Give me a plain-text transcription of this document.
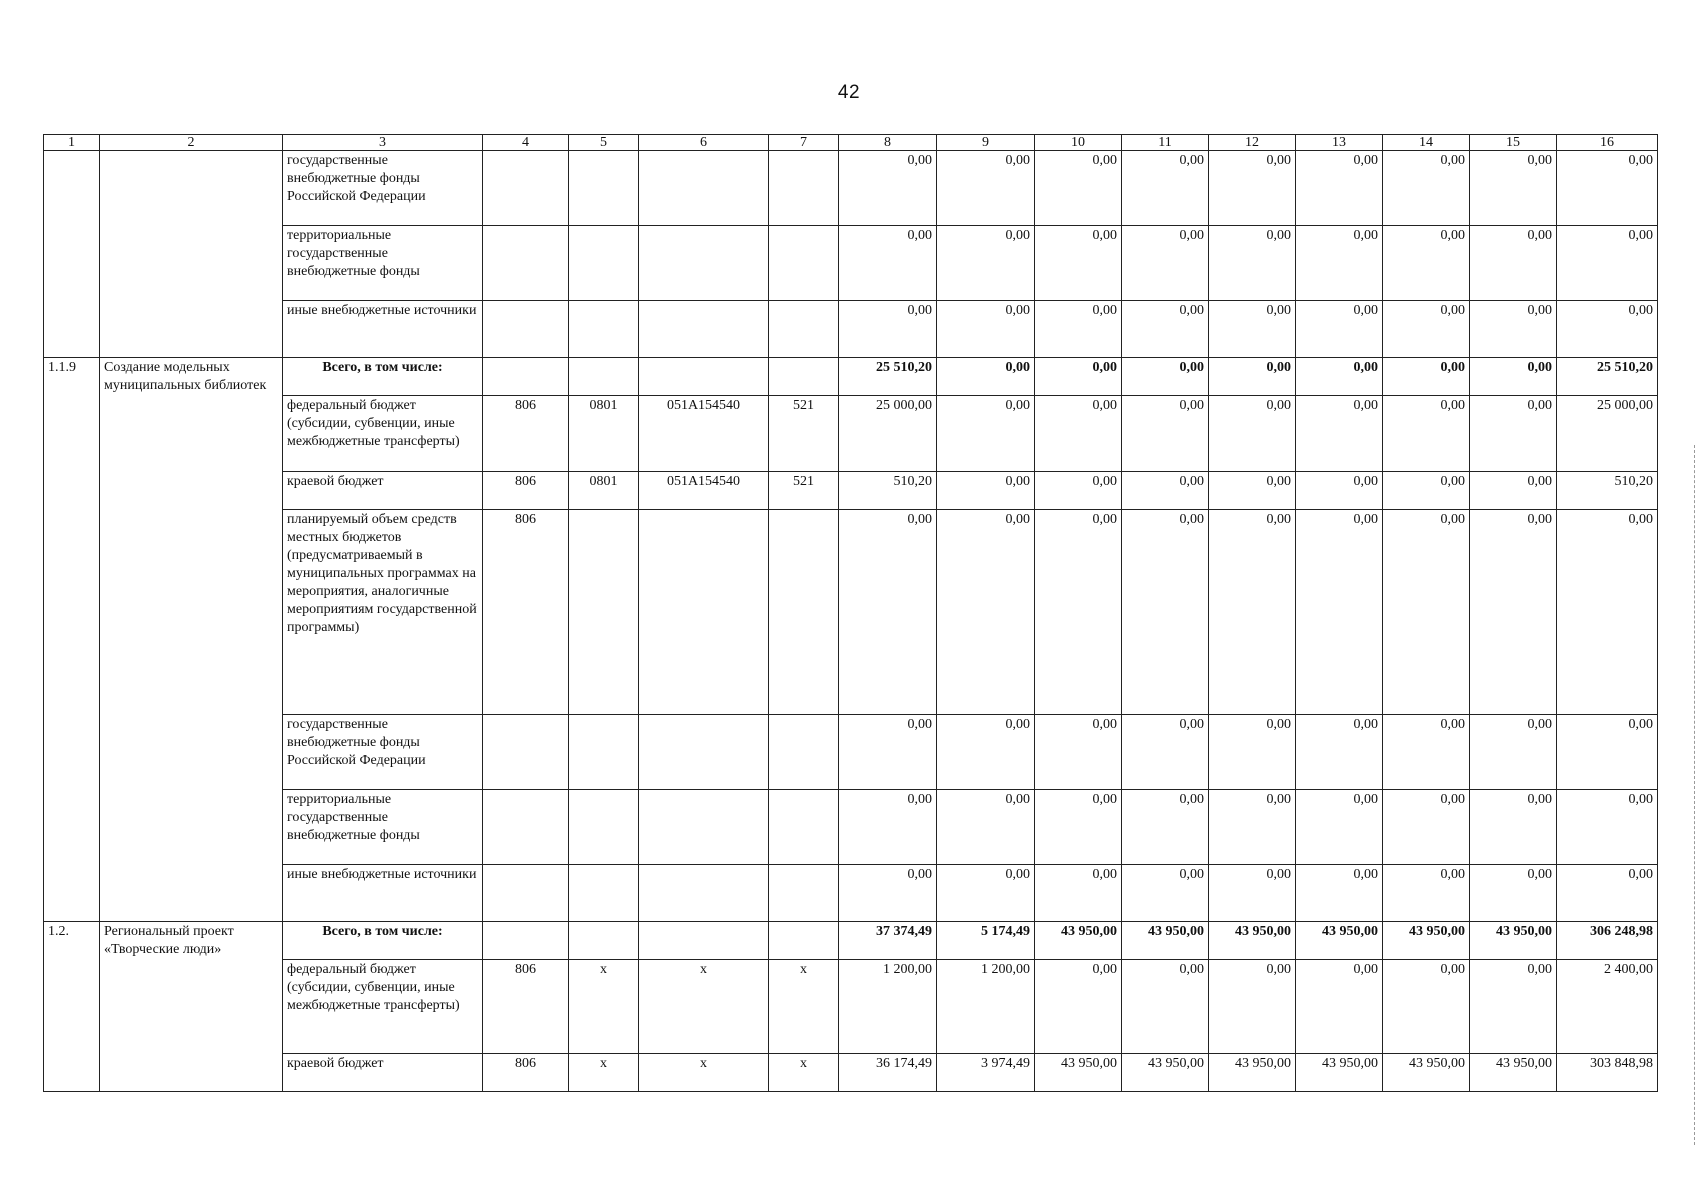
42
1	2	3	4	5	6	7	8	9	10	11	12	13	14	15	16
		государственные внебюджетные фонды Российской Федерации					0,00	0,00	0,00	0,00	0,00	0,00	0,00	0,00	0,00
		территориальные государственные внебюджетные фонды					0,00	0,00	0,00	0,00	0,00	0,00	0,00	0,00	0,00
		иные внебюджетные источники					0,00	0,00	0,00	0,00	0,00	0,00	0,00	0,00	0,00
1.1.9	Создание модельных муниципальных библиотек	Всего, в том числе:					25 510,20	0,00	0,00	0,00	0,00	0,00	0,00	0,00	25 510,20
		федеральный бюджет (субсидии, субвенции, иные межбюджетные трансферты)	806	0801	051A154540	521	25 000,00	0,00	0,00	0,00	0,00	0,00	0,00	0,00	25 000,00
		краевой бюджет	806	0801	051A154540	521	510,20	0,00	0,00	0,00	0,00	0,00	0,00	0,00	510,20
		планируемый объем средств местных бюджетов (предусматриваемый в муниципальных программах на мероприятия, аналогичные мероприятиям государственной программы)	806				0,00	0,00	0,00	0,00	0,00	0,00	0,00	0,00	0,00
		государственные внебюджетные фонды Российской Федерации					0,00	0,00	0,00	0,00	0,00	0,00	0,00	0,00	0,00
		территориальные государственные внебюджетные фонды					0,00	0,00	0,00	0,00	0,00	0,00	0,00	0,00	0,00
		иные внебюджетные источники					0,00	0,00	0,00	0,00	0,00	0,00	0,00	0,00	0,00
1.2.	Региональный проект «Творческие люди»	Всего, в том числе:					37 374,49	5 174,49	43 950,00	43 950,00	43 950,00	43 950,00	43 950,00	43 950,00	306 248,98
		федеральный бюджет (субсидии, субвенции, иные межбюджетные трансферты)	806	x	x	x	1 200,00	1 200,00	0,00	0,00	0,00	0,00	0,00	0,00	2 400,00
		краевой бюджет	806	x	x	x	36 174,49	3 974,49	43 950,00	43 950,00	43 950,00	43 950,00	43 950,00	43 950,00	303 848,98
